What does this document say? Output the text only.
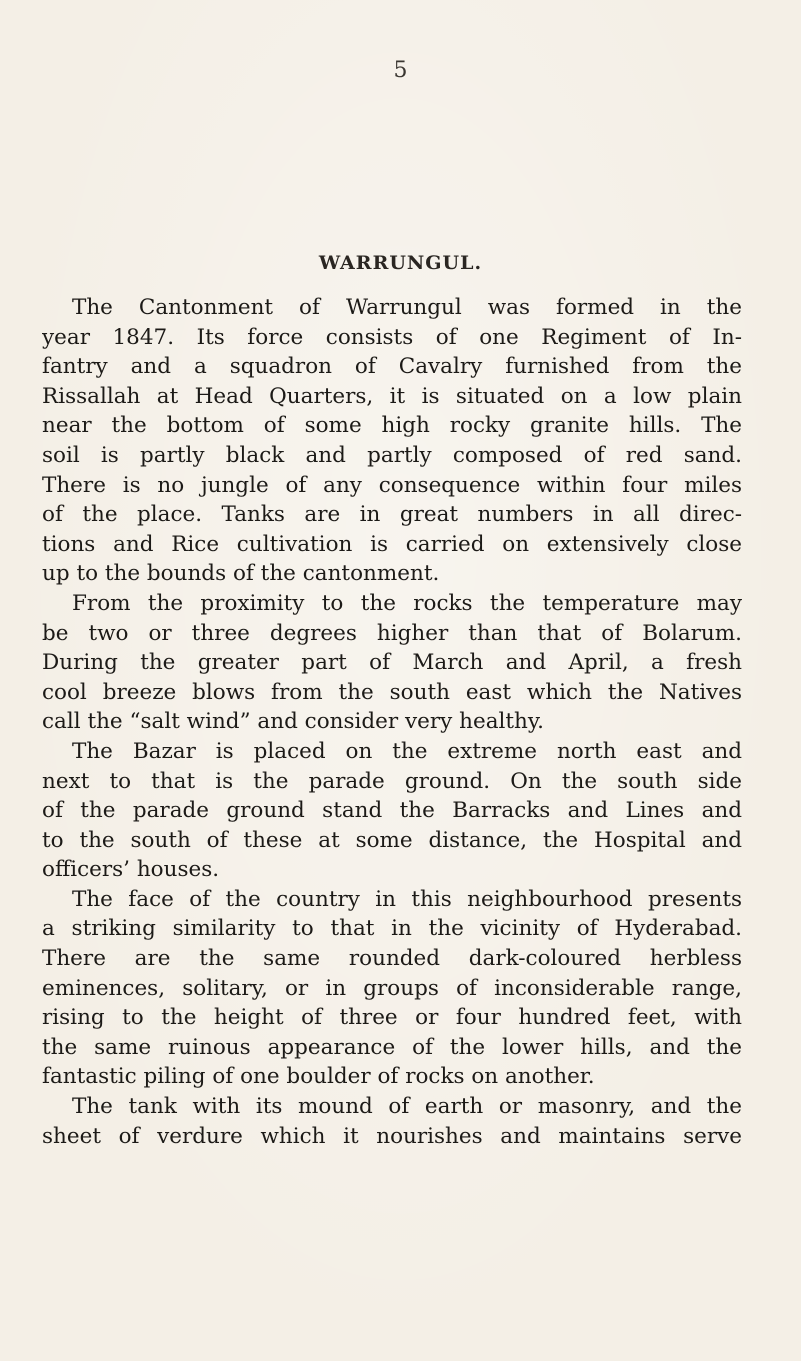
5
WARRUNGUL.
The Cantonment of Warrungul was formed in the
year 1847. Its force consists of one Regiment of In-
fantry and a squadron of Cavalry furnished from the
Rissallah at Head Quarters, it is situated on a low plain
near the bottom of some high rocky granite hills. The
soil is partly black and partly composed of red sand.
There is no jungle of any consequence within four miles
of the place. Tanks are in great numbers in all direc-
tions and Rice cultivation is carried on extensively close
up to the bounds of the cantonment.
From the proximity to the rocks the temperature may
be two or three degrees higher than that of Bolarum.
During the greater part of March and April, a fresh
cool breeze blows from the south east which the Natives
call the “salt wind” and consider very healthy.
The Bazar is placed on the extreme north east and
next to that is the parade ground. On the south side
of the parade ground stand the Barracks and Lines and
to the south of these at some distance, the Hospital and
officers’ houses.
The face of the country in this neighbourhood presents
a striking similarity to that in the vicinity of Hyderabad.
There are the same rounded dark-coloured herbless
eminences, solitary, or in groups of inconsiderable range,
rising to the height of three or four hundred feet, with
the same ruinous appearance of the lower hills, and the
fantastic piling of one boulder of rocks on another.
The tank with its mound of earth or masonry, and the
sheet of verdure which it nourishes and maintains serve
